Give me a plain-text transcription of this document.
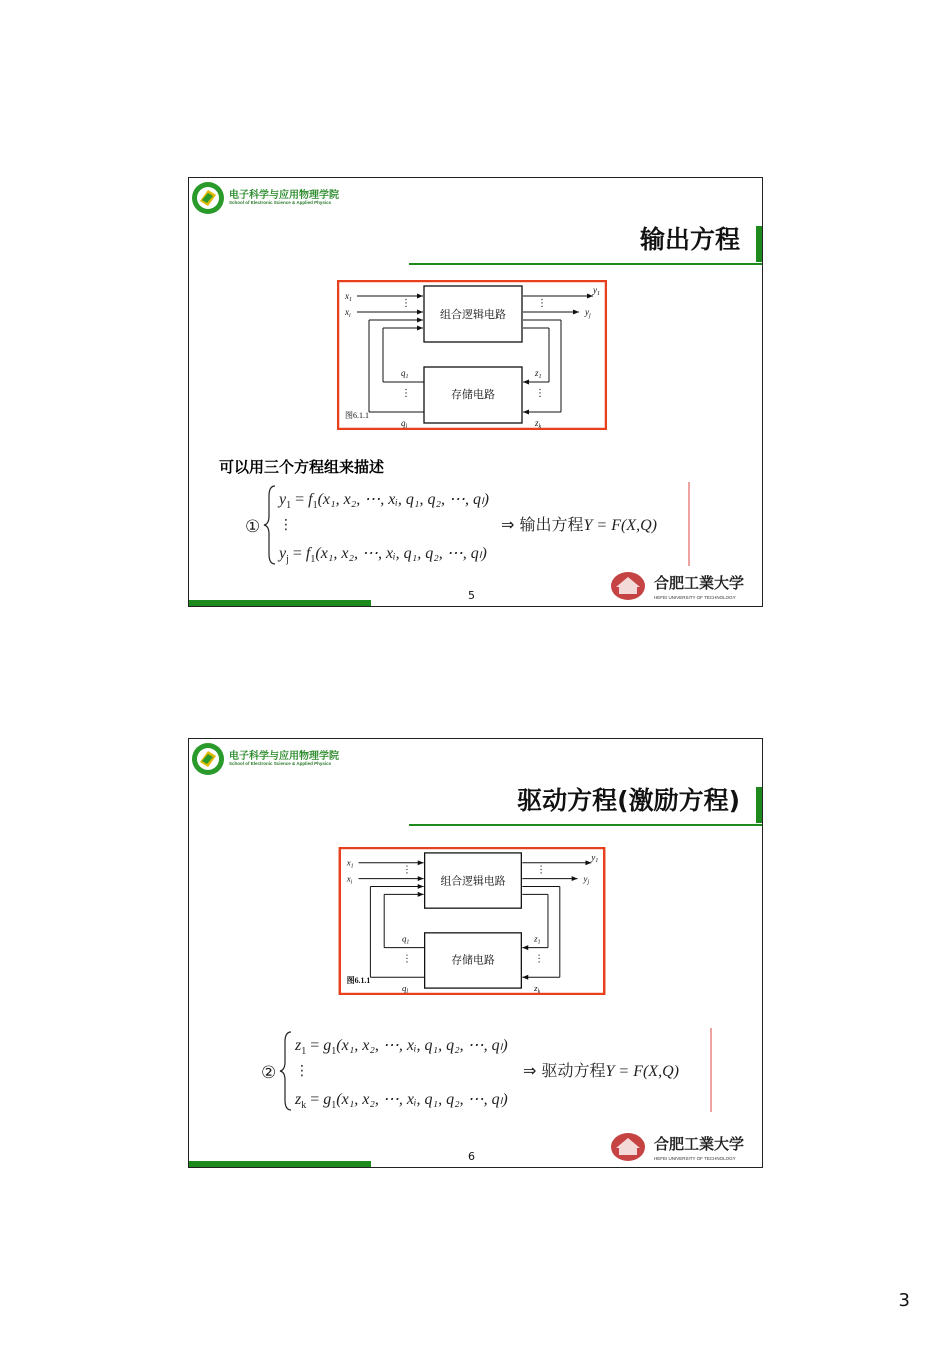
电子科学与应用物理学院
School of Electronic Science & Applied Physics
输出方程
组合逻辑电路
存储电路
$x_1$
$x_i$
⋮
$y_1$
$y_j$
⋮
$q_1$
⋮
$q_l$
$z_1$
⋮
$z_k$
图6.1.1
可以用三个方程组来描述
①
$y_1 = f_1(x_1$, x₂, ⋯, xᵢ, q₁, q₂, ⋯, qₗ)
⋮
$y_j = f_1(x_1$, x₂, ⋯, xᵢ, q₁, q₂, ⋯, qₗ)
⇒ 输出方程Y = F(X,Q)
5
合肥工業大学
HEFEI UNIVERSITY OF TECHNOLOGY
电子科学与应用物理学院
School of Electronic Science & Applied Physics
驱动方程(激励方程)
组合逻辑电路
存储电路
$x_1$
$x_i$
⋮
$y_1$
$y_j$
⋮
$q_1$
⋮
$q_l$
$z_1$
⋮
$z_k$
图6.1.1
②
$z_1 = g_1(x_1$, x₂, ⋯, xᵢ, q₁, q₂, ⋯, qₗ)
⋮
$z_k = g_1(x_1$, x₂, ⋯, xᵢ, q₁, q₂, ⋯, qₗ)
⇒ 驱动方程Y = F(X,Q)
6
合肥工業大学
HEFEI UNIVERSITY OF TECHNOLOGY
3
